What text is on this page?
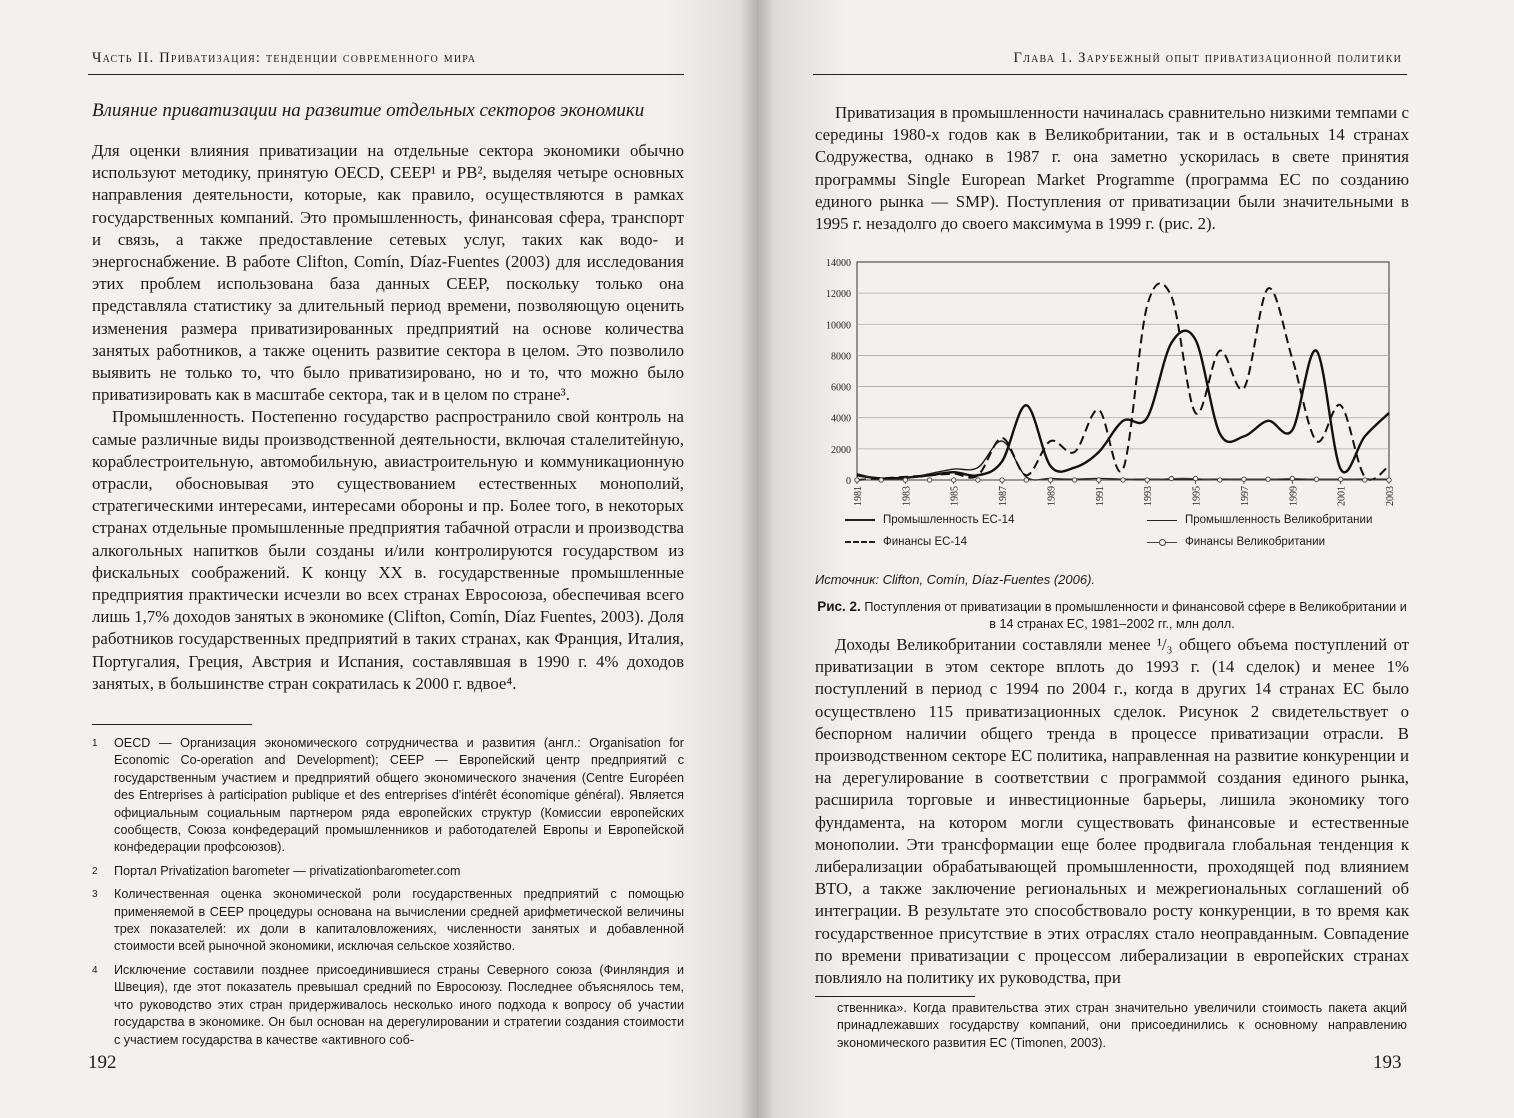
Часть II. Приватизация: тенденции современного мира
Влияние приватизации на развитие отдельных секторов экономики

Для оценки влияния приватизации на отдельные сектора экономики обычно используют методику, принятую OECD, CEEP¹ и PB², выделяя четыре основных направления деятельности, которые, как правило, осуществляются в рамках государственных компаний. Это промышленность, финансовая сфера, транспорт и связь, а также предоставление сетевых услуг, таких как водо- и энергоснабжение. В работе Clifton, Comín, Díaz-Fuentes (2003) для исследования этих проблем использована база данных CEEP, поскольку только она представляла статистику за длительный период времени, позволяющую оценить изменения размера приватизированных предприятий на основе количества занятых работников, а также оценить развитие сектора в целом. Это позволило выявить не только то, что было приватизировано, но и то, что можно было приватизировать как в масштабе сектора, так и в целом по стране³.

Промышленность. Постепенно государство распространило свой контроль на самые различные виды производственной деятельности, включая сталелитейную, кораблестроительную, автомобильную, авиастроительную и коммуникационную отрасли, обосновывая это существованием естественных монополий, стратегическими интересами, интересами обороны и пр. Более того, в некоторых странах отдельные промышленные предприятия табачной отрасли и производства алкогольных напитков были созданы и/или контролируются государством из фискальных соображений. К концу XX в. государственные промышленные предприятия практически исчезли во всех странах Евросоюза, обеспечивая всего лишь 1,7% доходов занятых в экономике (Clifton, Comín, Díaz Fuentes, 2003). Доля работников государственных предприятий в таких странах, как Франция, Италия, Португалия, Греция, Австрия и Испания, составлявшая в 1990 г. 4% доходов занятых, в большинстве стран сократилась к 2000 г. вдвое⁴.

1 OECD — Организация экономического сотрудничества и развития (англ.: Organisation for Economic Co-operation and Development); CEEP — Европейский центр предприятий с государственным участием и предприятий общего экономического значения (Centre Européen des Entreprises à participation publique et des entreprises d'intérêt économique général). Является официальным социальным партнером ряда европейских структур (Комиссии европейских сообществ, Союза конфедераций промышленников и работодателей Европы и Европейской конфедерации профсоюзов).

2 Портал Privatization barometer — privatizationbarometer.com

3 Количественная оценка экономической роли государственных предприятий с помощью применяемой в CEEP процедуры основана на вычислении средней арифметической величины трех показателей: их доли в капиталовложениях, численности занятых и добавленной стоимости всей рыночной экономики, исключая сельское хозяйство.

4 Исключение составили позднее присоединившиеся страны Северного союза (Финляндия и Швеция), где этот показатель превышал средний по Евросоюзу. Последнее объяснялось тем, что руководство этих стран придерживалось несколько иного подхода к вопросу об участии государства в экономике. Он был основан на дерегулировании и стратегии создания стоимости с участием государства в качестве «активного соб-

192
Глава 1. Зарубежный опыт приватизационной политики

Приватизация в промышленности начиналась сравнительно низкими темпами с середины 1980-х годов как в Великобритании, так и в остальных 14 странах Содружества, однако в 1987 г. она заметно ускорилась в свете принятия программы Single European Market Programme (программа ЕС по созданию единого рынка — SMP). Поступления от приватизации были значительными в 1995 г. незадолго до своего максимума в 1999 г. (рис. 2).

0
2000
4000
6000
8000
10000
12000
14000
1981	1983	1985	1987	1989	1991	1993	1995	1997	1999	2001	2003
Промышленность ЕС-14	Промышленность Великобритании
Финансы ЕС-14	Финансы Великобритании
Источник: Clifton, Comín, Díaz-Fuentes (2006).
Рис. 2. Поступления от приватизации в промышленности и финансовой сфере в Великобритании и в 14 странах ЕС, 1981–2002 гг., млн долл.

Доходы Великобритании составляли менее ¹/₃ общего объема поступлений от приватизации в этом секторе вплоть до 1993 г. (14 сделок) и менее 1% поступлений в период с 1994 по 2004 г., когда в других 14 странах ЕС было осуществлено 115 приватизационных сделок. Рисунок 2 свидетельствует о беспорном наличии общего тренда в процессе приватизации отрасли. В производственном секторе ЕС политика, направленная на развитие конкуренции и на дерегулирование в соответствии с программой создания единого рынка, расширила торговые и инвестиционные барьеры, лишила экономику того фундамента, на котором могли существовать финансовые и естественные монополии. Эти трансформации еще более продвигала глобальная тенденция к либерализации обрабатывающей промышленности, проходящей под влиянием ВТО, а также заключение региональных и межрегиональных соглашений об интеграции. В результате это способствовало росту конкуренции, в то время как государственное присутствие в этих отраслях стало неоправданным. Совпадение по времени приватизации с процессом либерализации в европейских странах повлияло на политику их руководства, при

ственника». Когда правительства этих стран значительно увеличили стоимость пакета акций принадлежавших государству компаний, они присоединились к основному направлению экономического развития ЕС (Timonen, 2003).

193
